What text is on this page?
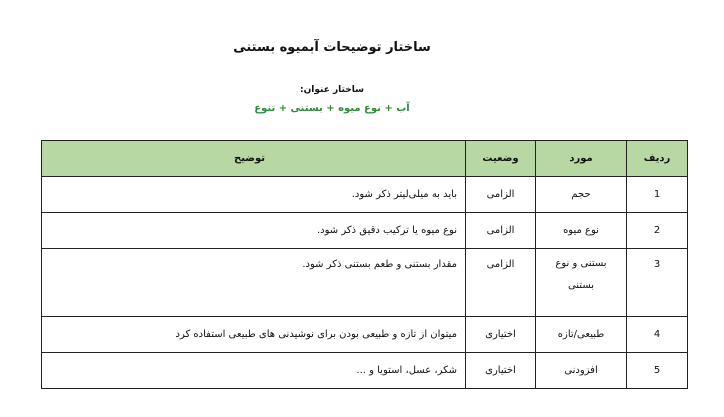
ساختار توضیحات آبمیوه بستنی
ساختار عنوان:
آب + نوع میوه + بستنی + تنوع
ردیف	مورد	وضعیت	توضیح
1	حجم	الزامی	باید به میلی‌لیتر ذکر شود.
2	نوع میوه	الزامی	نوع میوه یا ترکیب دقیق ذکر شود.
3	بستنی و نوع بستنی	الزامی	مقدار بستنی و طعم بستنی ذکر شود.
4	طبیعی/تازه	اختیاری	میتوان از تازه و طبیعی بودن برای نوشیدنی های طبیعی استفاده کرد
5	افزودنی	اختیاری	شکر، عسل، استویا و ...
